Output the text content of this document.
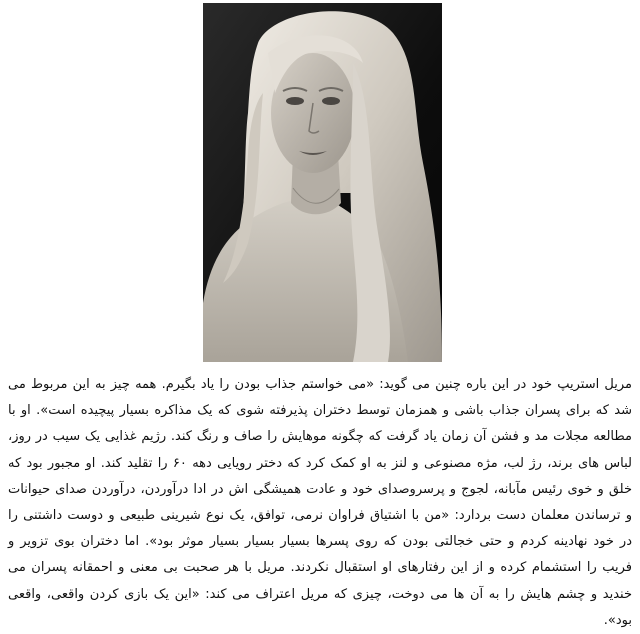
مریل استریپ خود در این باره چنین می گوید: «می خواستم جذاب بودن را یاد بگیرم. همه چیز به این مربوط می شد که برای پسران جذاب باشی و همزمان توسط دختران پذیرفته شوی که یک مذاکره بسیار پیچیده است». او با مطالعه مجلات مد و فشن آن زمان یاد گرفت که چگونه موهایش را صاف و رنگ کند. رژیم غذایی یک سیب در روز، لباس های برند، رژ لب، مژه مصنوعی و لنز به او کمک کرد که دختر رویایی دهه ۶۰ را تقلید کند. او مجبور بود که خلق و خوی رئیس مآبانه، لجوج و پرسروصدای خود و عادت همیشگی اش در ادا درآوردن، درآوردن صدای حیوانات و ترساندن معلمان دست بردارد: «من با اشتیاق فراوان نرمی، توافق، یک نوع شیرینی طبیعی و دوست داشتنی را در خود نهادینه کردم و حتی خجالتی بودن که روی پسرها بسیار بسیار بسیار موثر بود». اما دختران بوی تزویر و فریب را استشمام کرده و از این رفتارهای او استقبال نکردند. مریل با هر صحبت بی معنی و احمقانه پسران می خندید و چشم هایش را به آن ها می دوخت، چیزی که مریل اعتراف می کند: «این یک بازی کردن واقعی، واقعی بود».
